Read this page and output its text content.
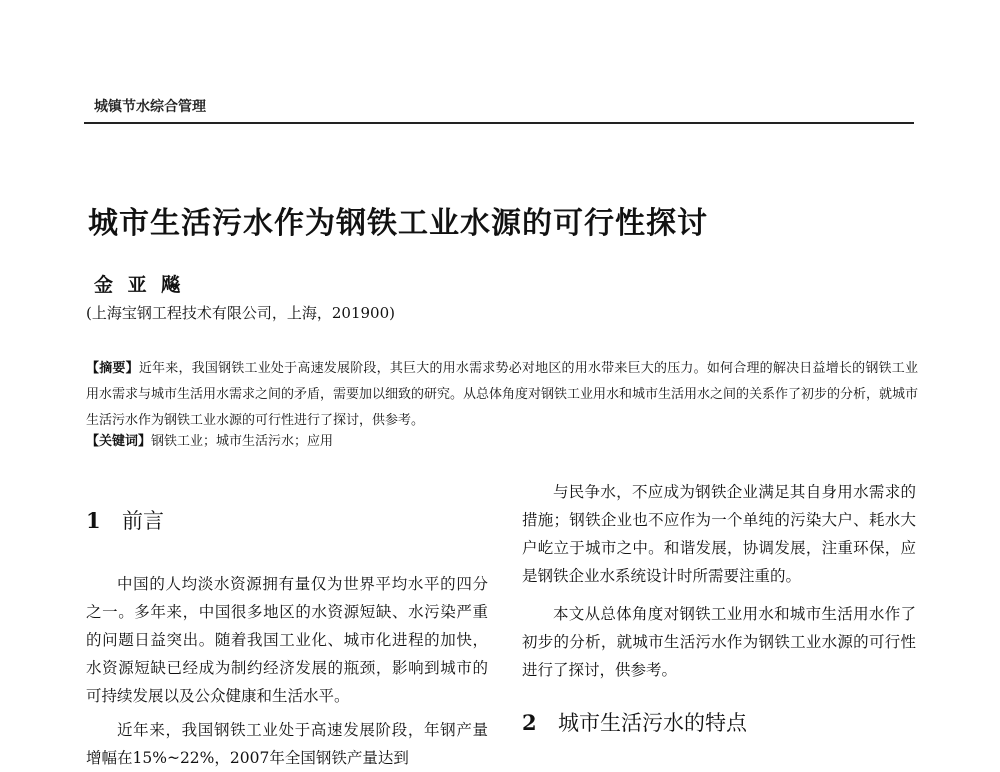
城镇节水综合管理
城市生活污水作为钢铁工业水源的可行性探讨
金 亚 飚
(上海宝钢工程技术有限公司，上海，201900)
【摘要】近年来，我国钢铁工业处于高速发展阶段，其巨大的用水需求势必对地区的用水带来巨大的压力。如何合理的解决日益增长的钢铁工业用水需求与城市生活用水需求之间的矛盾，需要加以细致的研究。从总体角度对钢铁工业用水和城市生活用水之间的关系作了初步的分析，就城市生活污水作为钢铁工业水源的可行性进行了探讨，供参考。
【关键词】钢铁工业；城市生活污水；应用
1 前言

中国的人均淡水资源拥有量仅为世界平均水平的四分之一。多年来，中国很多地区的水资源短缺、水污染严重的问题日益突出。随着我国工业化、城市化进程的加快，水资源短缺已经成为制约经济发展的瓶颈，影响到城市的可持续发展以及公众健康和生活水平。

近年来，我国钢铁工业处于高速发展阶段，年钢产量增幅在15%~22%，2007年全国钢铁产量达到

与民争水，不应成为钢铁企业满足其自身用水需求的措施；钢铁企业也不应作为一个单纯的污染大户、耗水大户屹立于城市之中。和谐发展，协调发展，注重环保，应是钢铁企业水系统设计时所需要注重的。

本文从总体角度对钢铁工业用水和城市生活用水作了初步的分析，就城市生活污水作为钢铁工业水源的可行性进行了探讨，供参考。

2 城市生活污水的特点
